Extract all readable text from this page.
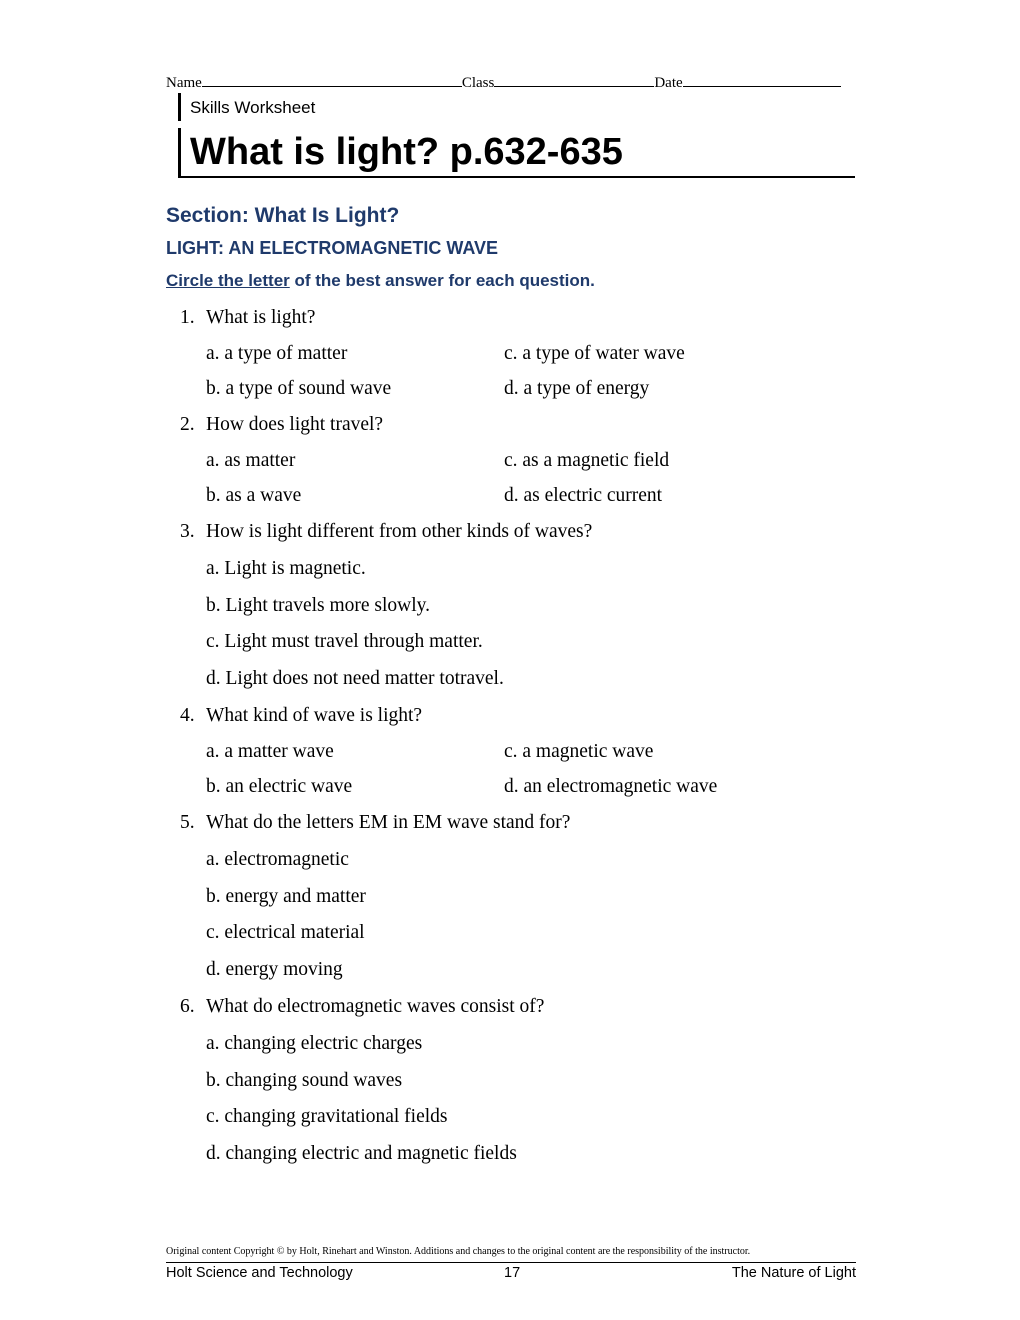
Name	Class	Date
Skills Worksheet
What is light? p.632-635
Section: What Is Light?
LIGHT: AN ELECTROMAGNETIC WAVE
Circle the letter of the best answer for each question.
1. What is light?
a. a type of matter
b. a type of sound wave
c. a type of water wave
d. a type of energy
2. How does light travel?
a. as matter
b. as a wave
c. as a magnetic field
d. as electric current
3. How is light different from other kinds of waves?
a. Light is magnetic.
b. Light travels more slowly.
c. Light must travel through matter.
d. Light does not need matter totravel.
4. What kind of wave is light?
a. a matter wave
b. an electric wave
c. a magnetic wave
d. an electromagnetic wave
5. What do the letters EM in EM wave stand for?
a. electromagnetic
b. energy and matter
c. electrical material
d. energy moving
6. What do electromagnetic waves consist of?
a. changing electric charges
b. changing sound waves
c. changing gravitational fields
d. changing electric and magnetic fields
Original content Copyright © by Holt, Rinehart and Winston. Additions and changes to the original content are the responsibility of the instructor.
Holt Science and Technology	17	The Nature of Light
